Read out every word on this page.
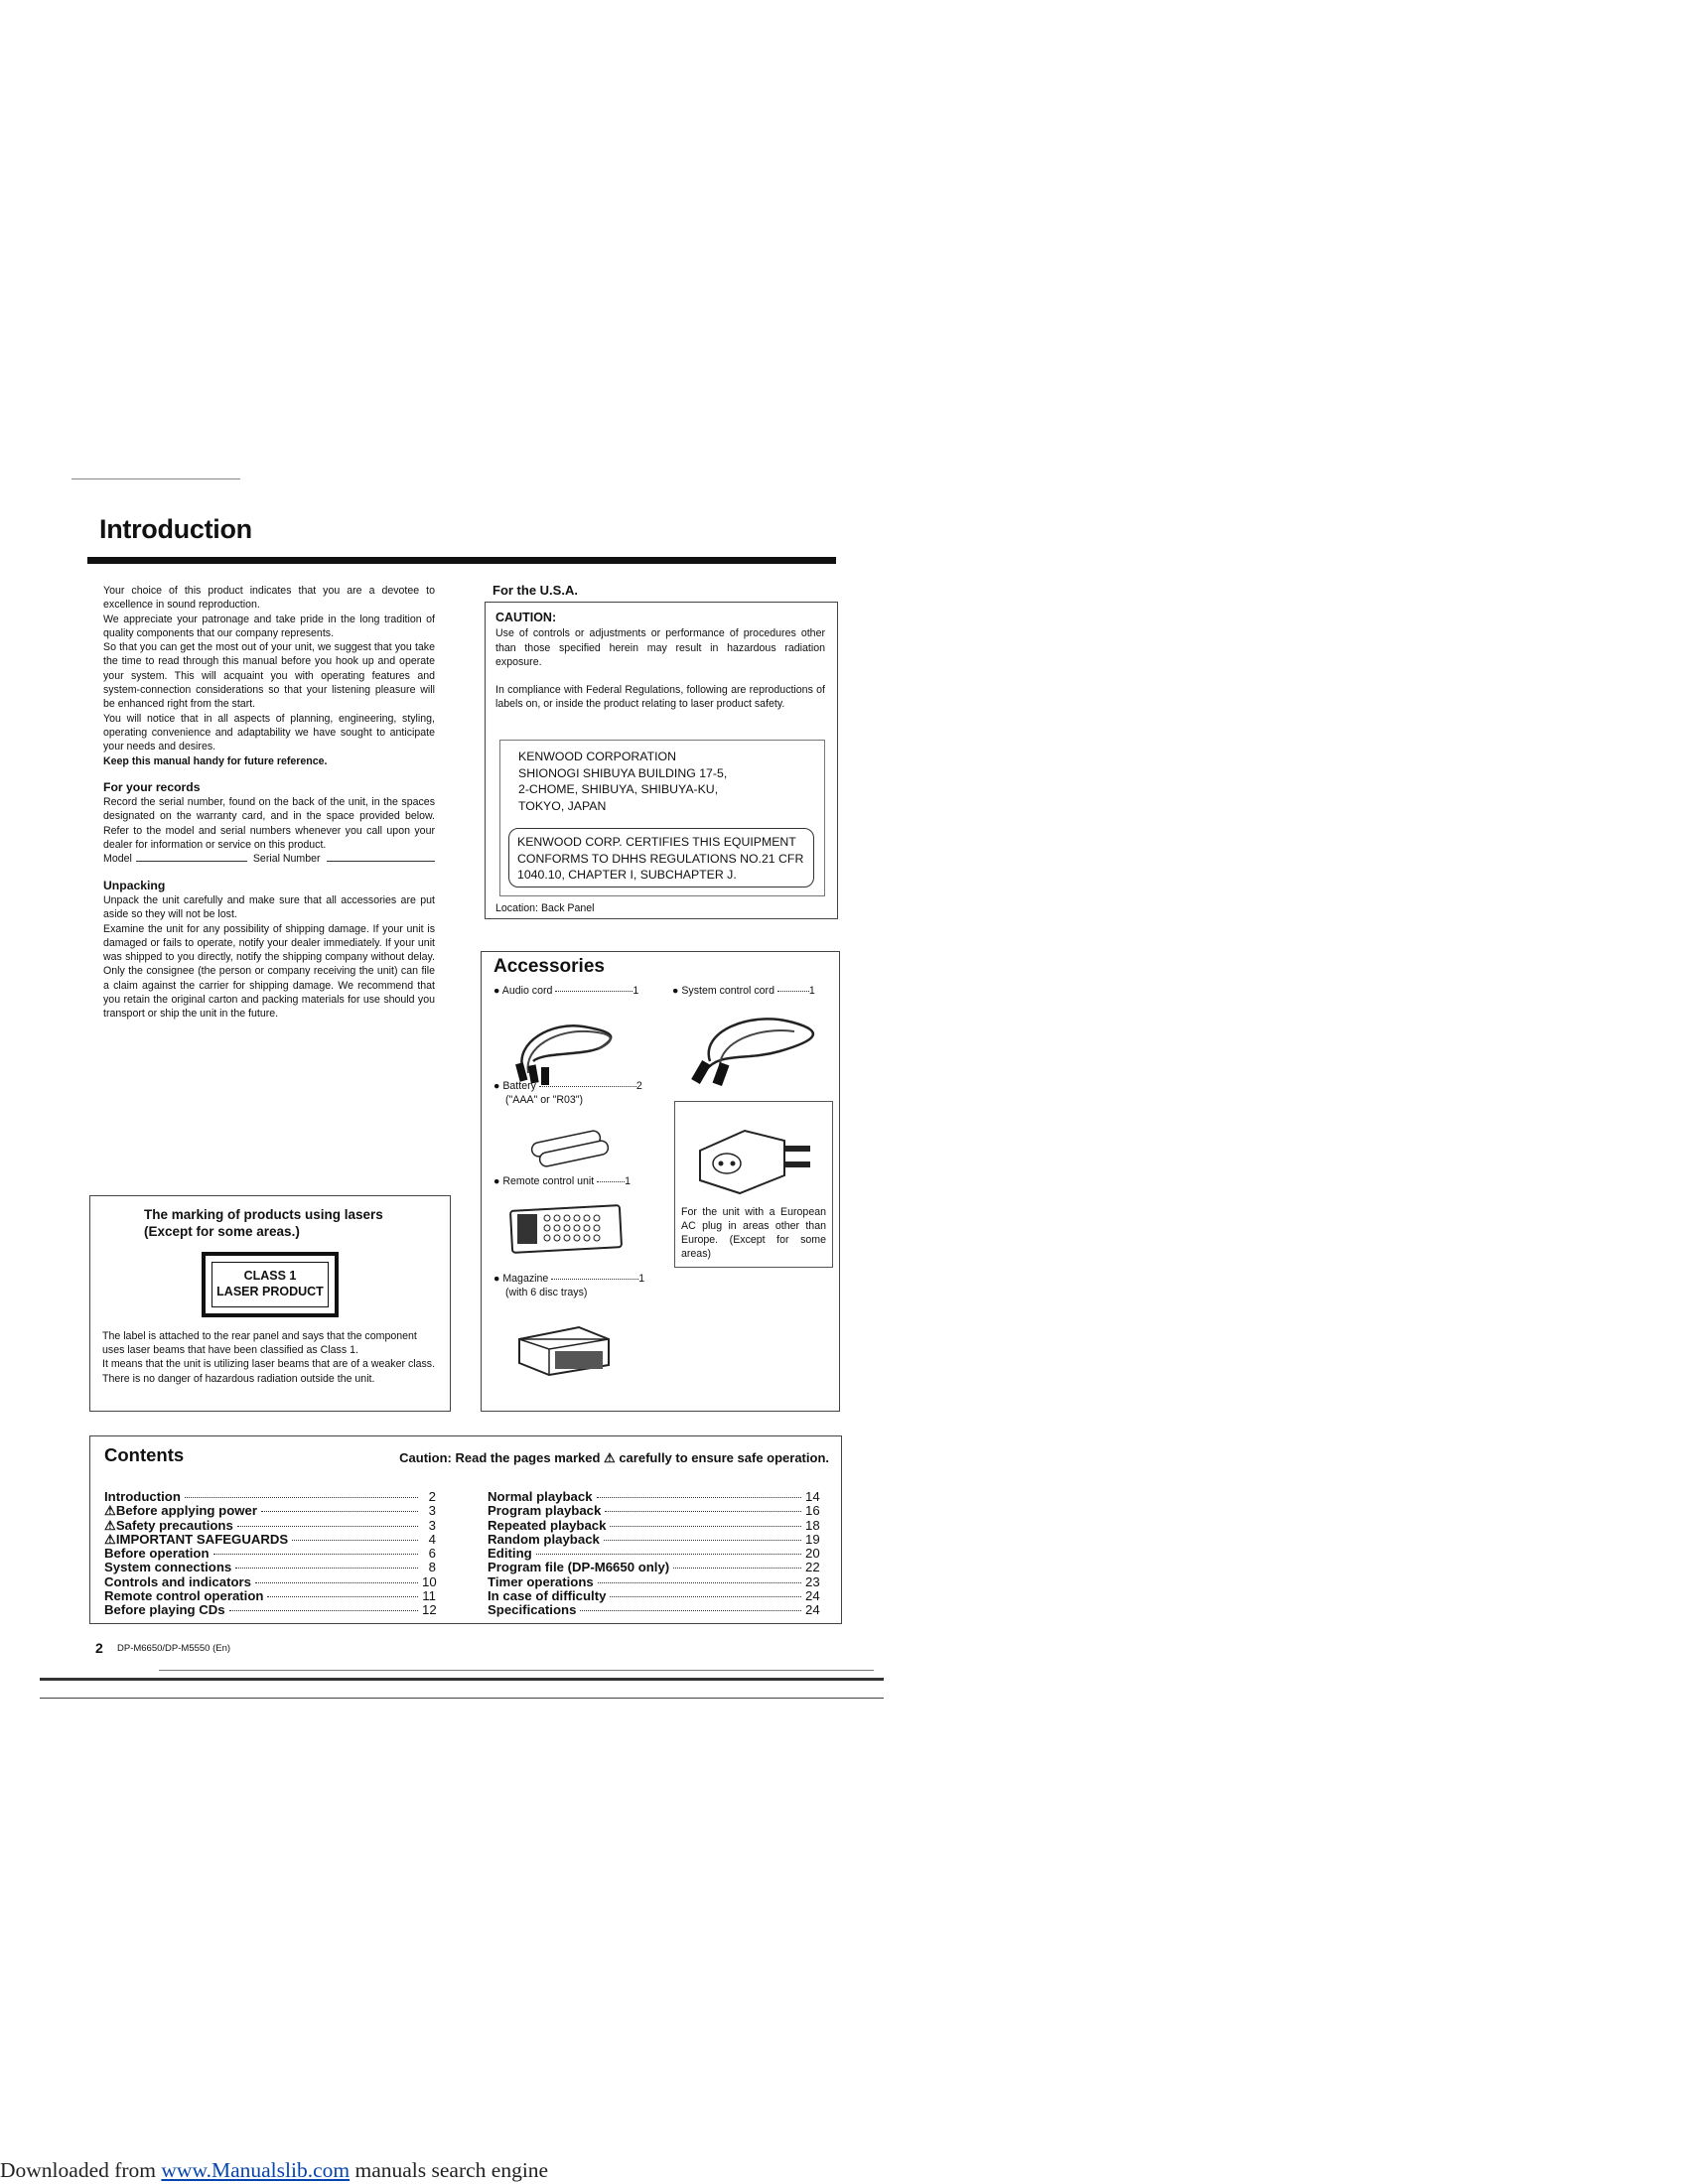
Introduction
Your choice of this product indicates that you are a devotee to excellence in sound reproduction.
We appreciate your patronage and take pride in the long tradition of quality components that our company represents.
So that you can get the most out of your unit, we suggest that you take the time to read through this manual before you hook up and operate your system. This will acquaint you with operating features and system-connection considerations so that your listening pleasure will be enhanced right from the start.
You will notice that in all aspects of planning, engineering, styling, operating convenience and adaptability we have sought to anticipate your needs and desires.
Keep this manual handy for future reference.
For your records
Record the serial number, found on the back of the unit, in the spaces designated on the warranty card, and in the space provided below. Refer to the model and serial numbers whenever you call upon your dealer for information or service on this product.
Model	Serial Number
Unpacking
Unpack the unit carefully and make sure that all accessories are put aside so they will not be lost.
Examine the unit for any possibility of shipping damage. If your unit is damaged or fails to operate, notify your dealer immediately. If your unit was shipped to you directly, notify the shipping company without delay. Only the consignee (the person or company receiving the unit) can file a claim against the carrier for shipping damage. We recommend that you retain the original carton and packing materials for use should you transport or ship the unit in the future.
For the U.S.A.
CAUTION:
Use of controls or adjustments or performance of procedures other than those specified herein may result in hazardous radiation exposure.
In compliance with Federal Regulations, following are reproductions of labels on, or inside the product relating to laser product safety.
KENWOOD CORPORATION
SHIONOGI SHIBUYA BUILDING 17-5,
2-CHOME, SHIBUYA, SHIBUYA-KU,
TOKYO, JAPAN
KENWOOD CORP. CERTIFIES THIS EQUIPMENT
CONFORMS TO DHHS REGULATIONS NO.21 CFR
1040.10, CHAPTER I, SUBCHAPTER J.
Location: Back Panel
Accessories
● Audio cord	1	● System control cord	1
● Battery	2
("AAA" or "R03")
● Remote control unit	1
● Magazine	1
(with 6 disc trays)
For the unit with a European AC plug in areas other than Europe. (Except for some areas)
The marking of products using lasers
(Except for some areas.)
CLASS 1
LASER PRODUCT
The label is attached to the rear panel and says that the component uses laser beams that have been classified as Class 1.
It means that the unit is utilizing laser beams that are of a weaker class. There is no danger of hazardous radiation outside the unit.
Contents	Caution: Read the pages marked ⚠ carefully to ensure safe operation.
Introduction	2
⚠Before applying power	3
⚠Safety precautions	3
⚠IMPORTANT SAFEGUARDS	4
Before operation	6
System connections	8
Controls and indicators	10
Remote control operation	11
Before playing CDs	12
Normal playback	14
Program playback	16
Repeated playback	18
Random playback	19
Editing	20
Program file (DP-M6650 only)	22
Timer operations	23
In case of difficulty	24
Specifications	24
2 DP-M6650/DP-M5550 (En)
Downloaded from www.Manualslib.com manuals search engine
